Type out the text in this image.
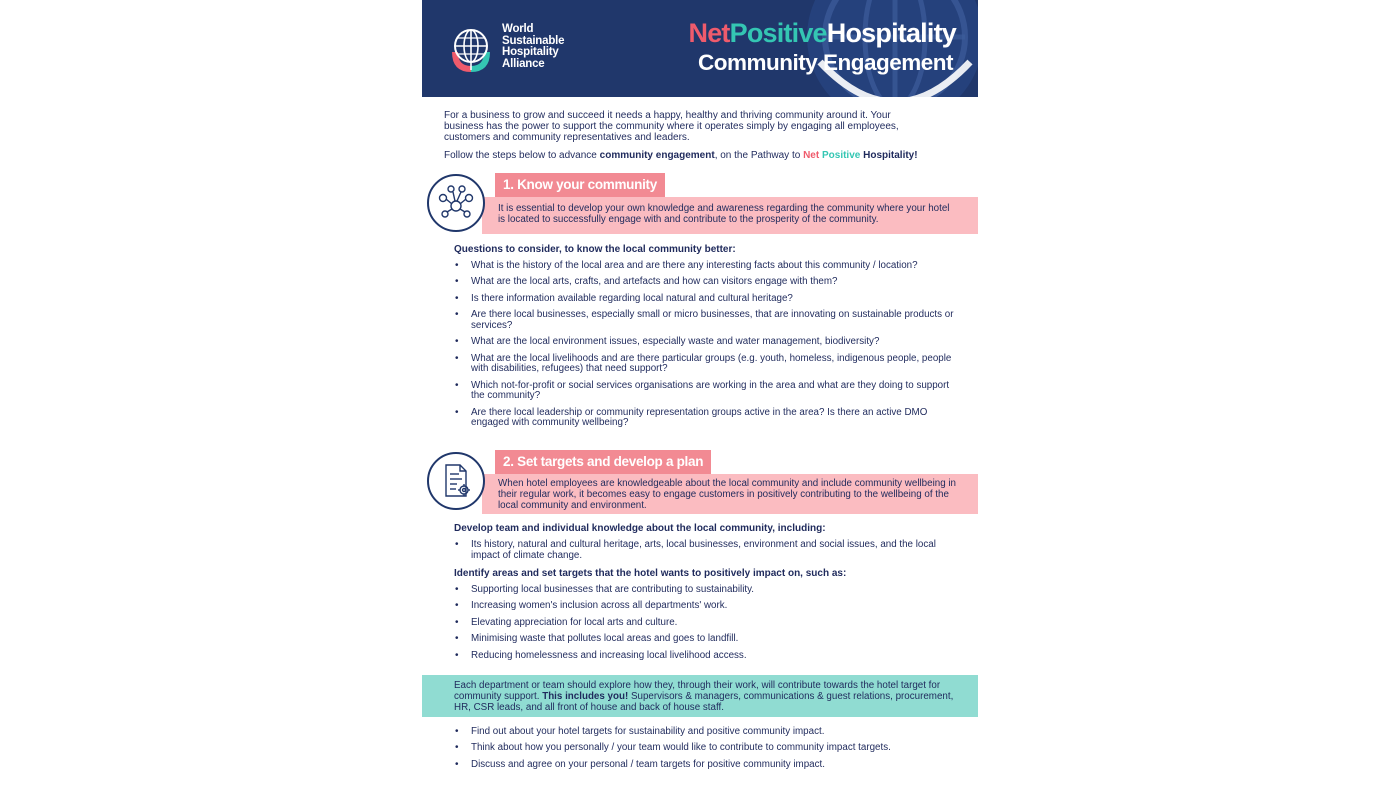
World
Sustainable
Hospitality
Alliance
NetPositiveHospitality
Community Engagement

For a business to grow and succeed it needs a happy, healthy and thriving community around it. Your business has the power to support the community where it operates simply by engaging all employees, customers and community representatives and leaders.

Follow the steps below to advance community engagement, on the Pathway to Net Positive Hospitality!

It is essential to develop your own knowledge and awareness regarding the community where your hotel is located to successfully engage with and contribute to the prosperity of the community.
1. Know your community
Questions to consider, to know the local community better:
• What is the history of the local area and are there any interesting facts about this community / location?
• What are the local arts, crafts, and artefacts and how can visitors engage with them?
• Is there information available regarding local natural and cultural heritage?
• Are there local businesses, especially small or micro businesses, that are innovating on sustainable products or services?
• What are the local environment issues, especially waste and water management, biodiversity?
• What are the local livelihoods and are there particular groups (e.g. youth, homeless, indigenous people, people with disabilities, refugees) that need support?
• Which not-for-profit or social services organisations are working in the area and what are they doing to support the community?
• Are there local leadership or community representation groups active in the area? Is there an active DMO engaged with community wellbeing?
When hotel employees are knowledgeable about the local community and include community wellbeing in their regular work, it becomes easy to engage customers in positively contributing to the wellbeing of the local community and environment.
2. Set targets and develop a plan
Develop team and individual knowledge about the local community, including:
• Its history, natural and cultural heritage, arts, local businesses, environment and social issues, and the local impact of climate change.
Identify areas and set targets that the hotel wants to positively impact on, such as:
• Supporting local businesses that are contributing to sustainability.
• Increasing women's inclusion across all departments' work.
• Elevating appreciation for local arts and culture.
• Minimising waste that pollutes local areas and goes to landfill.
• Reducing homelessness and increasing local livelihood access.
Each department or team should explore how they, through their work, will contribute towards the hotel target for community support. This includes you! Supervisors & managers, communications & guest relations, procurement, HR, CSR leads, and all front of house and back of house staff.
• Find out about your hotel targets for sustainability and positive community impact.
• Think about how you personally / your team would like to contribute to community impact targets.
• Discuss and agree on your personal / team targets for positive community impact.
